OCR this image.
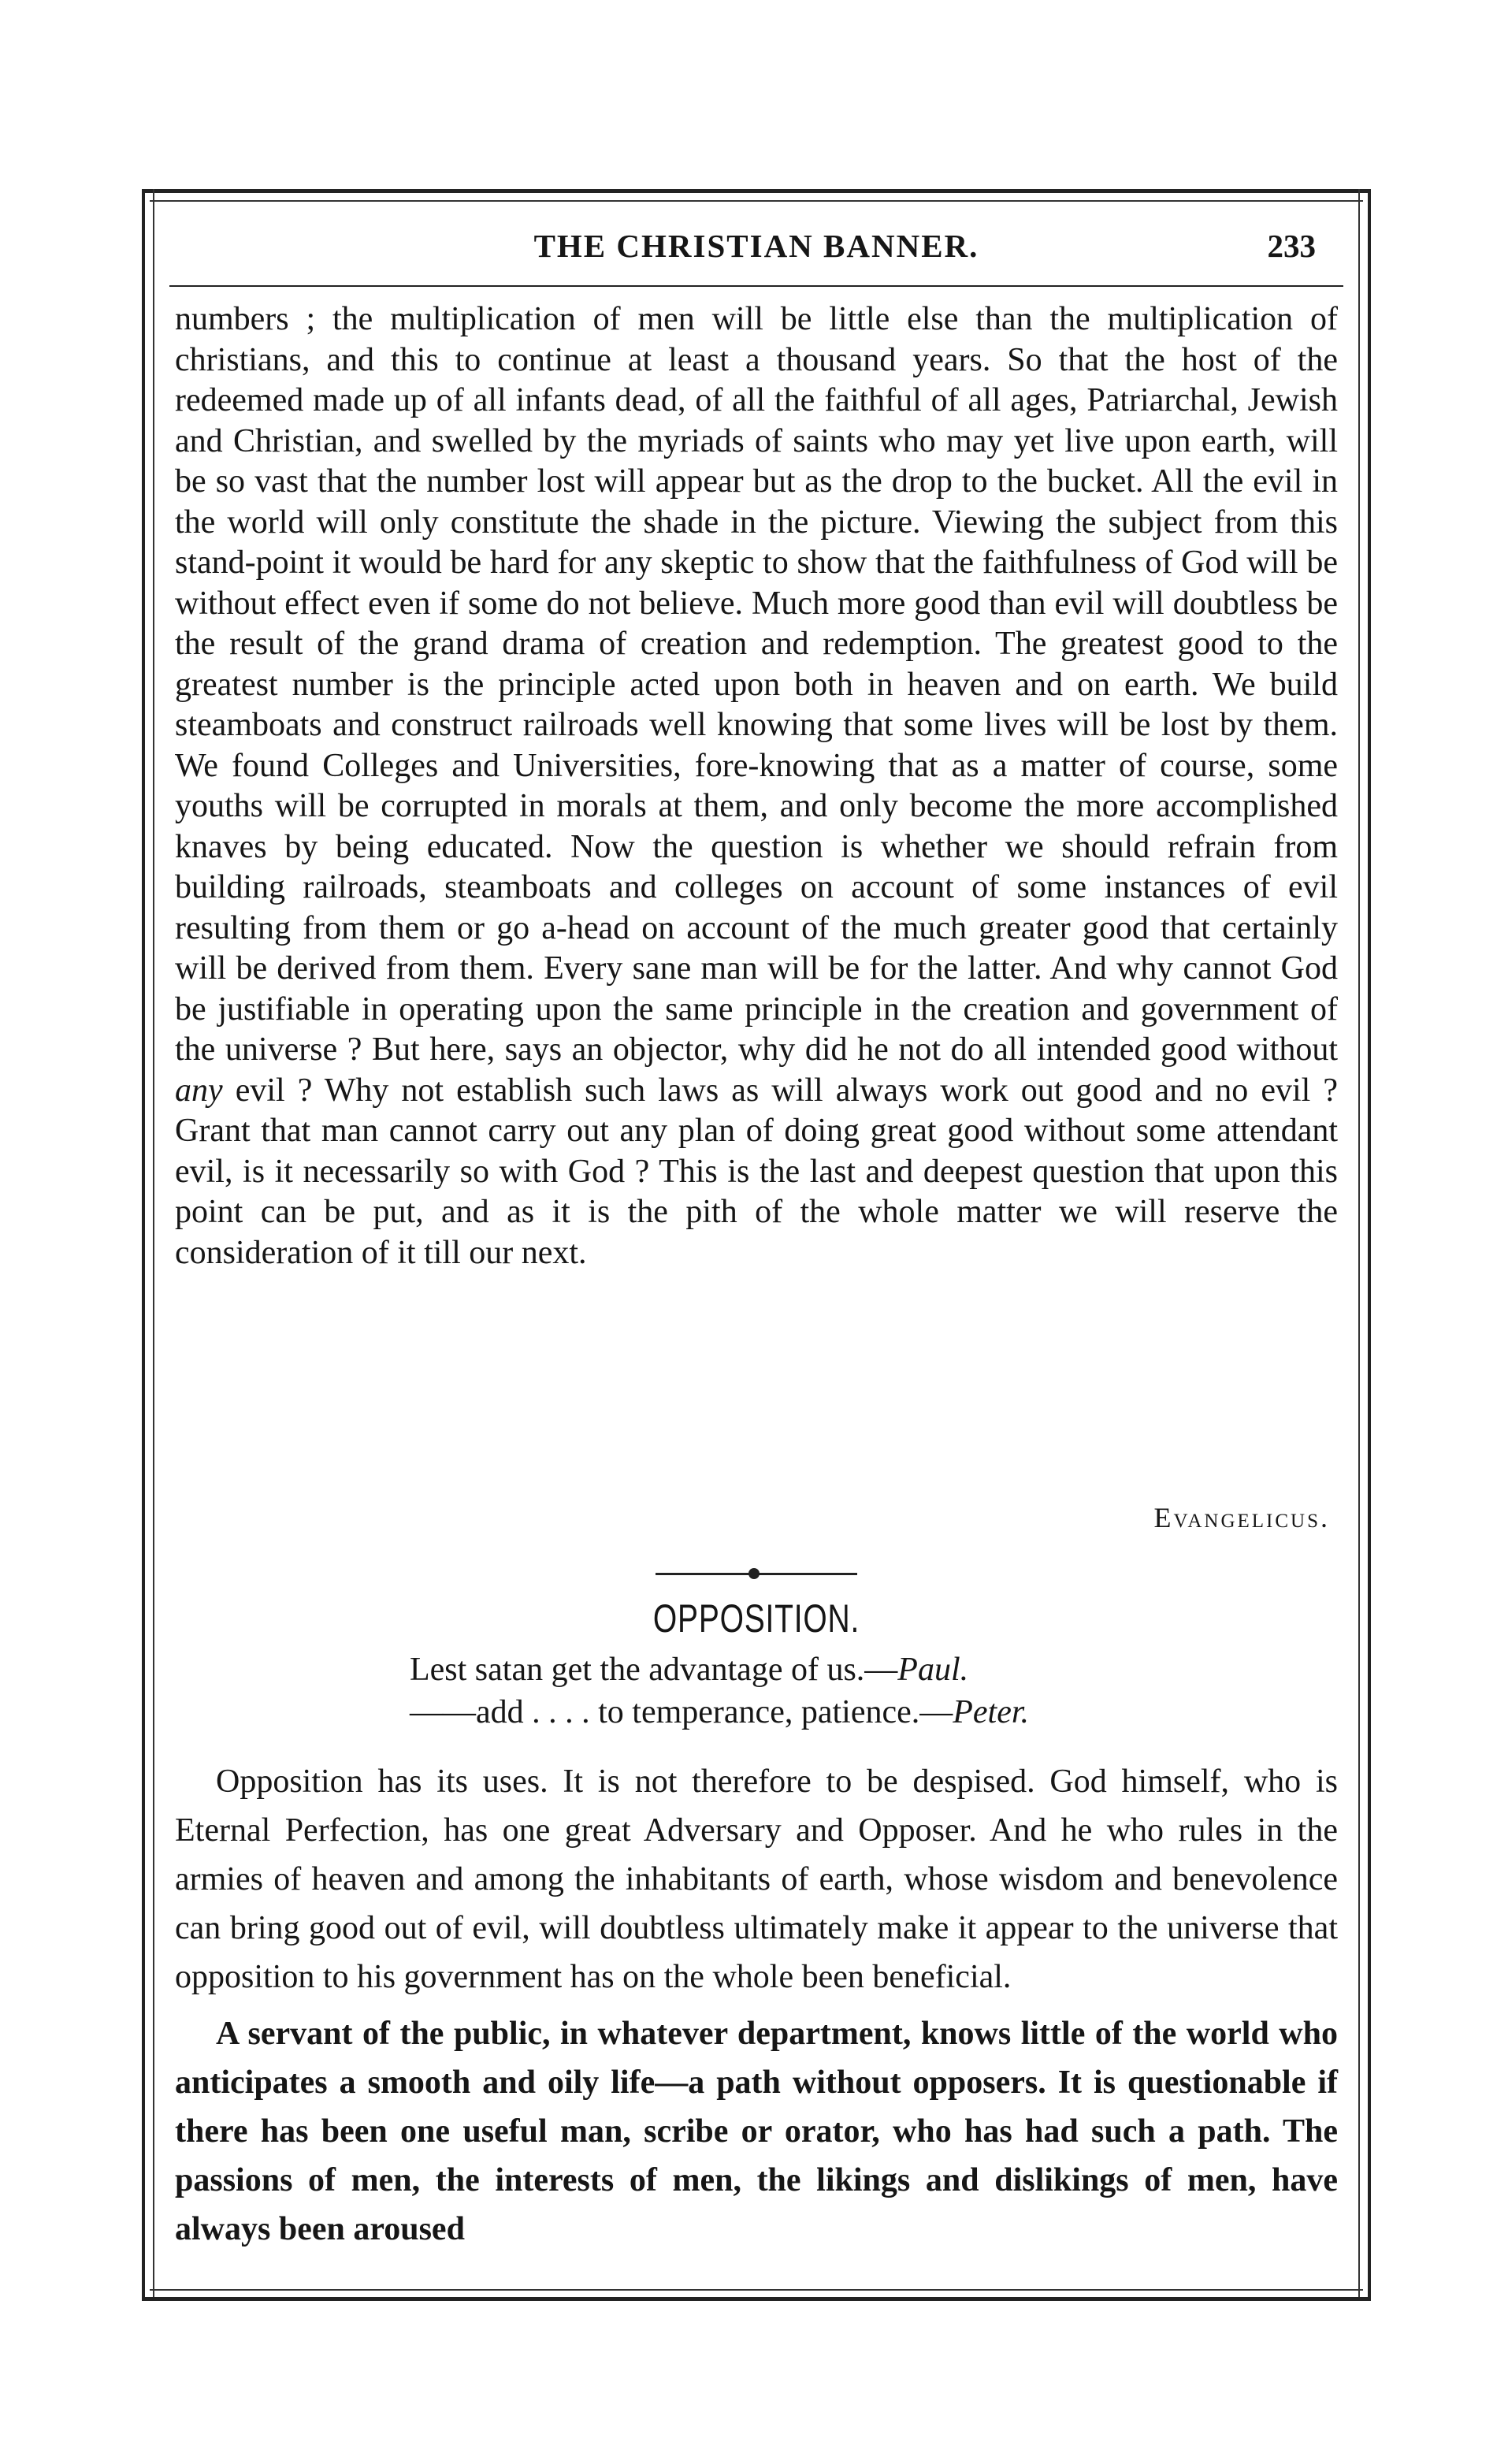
THE CHRISTIAN BANNER.	233

numbers ; the multiplication of men will be little else than the multiplication of christians, and this to continue at least a thousand years. So that the host of the redeemed made up of all infants dead, of all the faithful of all ages, Patriarchal, Jewish and Christian, and swelled by the myriads of saints who may yet live upon earth, will be so vast that the number lost will appear but as the drop to the bucket. All the evil in the world will only constitute the shade in the picture. Viewing the subject from this stand-point it would be hard for any skeptic to show that the faithfulness of God will be without effect even if some do not believe. Much more good than evil will doubtless be the result of the grand drama of creation and redemption. The greatest good to the greatest number is the principle acted upon both in heaven and on earth. We build steamboats and construct railroads well knowing that some lives will be lost by them. We found Colleges and Universities, fore-knowing that as a matter of course, some youths will be corrupted in morals at them, and only become the more accomplished knaves by being educated. Now the question is whether we should refrain from building railroads, steamboats and colleges on account of some instances of evil resulting from them or go a-head on account of the much greater good that certainly will be derived from them. Every sane man will be for the latter. And why cannot God be justifiable in operating upon the same principle in the creation and government of the universe ? But here, says an objector, why did he not do all intended good without any evil ? Why not establish such laws as will always work out good and no evil ? Grant that man cannot carry out any plan of doing great good without some attendant evil, is it necessarily so with God ? This is the last and deepest question that upon this point can be put, and as it is the pith of the whole matter we will reserve the consideration of it till our next.

Evangelicus.
OPPOSITION.
Lest satan get the advantage of us.—Paul.
——add . . . . to temperance, patience.—Peter.

Opposition has its uses. It is not therefore to be despised. God himself, who is Eternal Perfection, has one great Adversary and Opposer. And he who rules in the armies of heaven and among the inhabitants of earth, whose wisdom and benevolence can bring good out of evil, will doubtless ultimately make it appear to the universe that opposition to his government has on the whole been beneficial.

A servant of the public, in whatever department, knows little of the world who anticipates a smooth and oily life—a path without opposers. It is questionable if there has been one useful man, scribe or orator, who has had such a path. The passions of men, the interests of men, the likings and dislikings of men, have always been aroused
